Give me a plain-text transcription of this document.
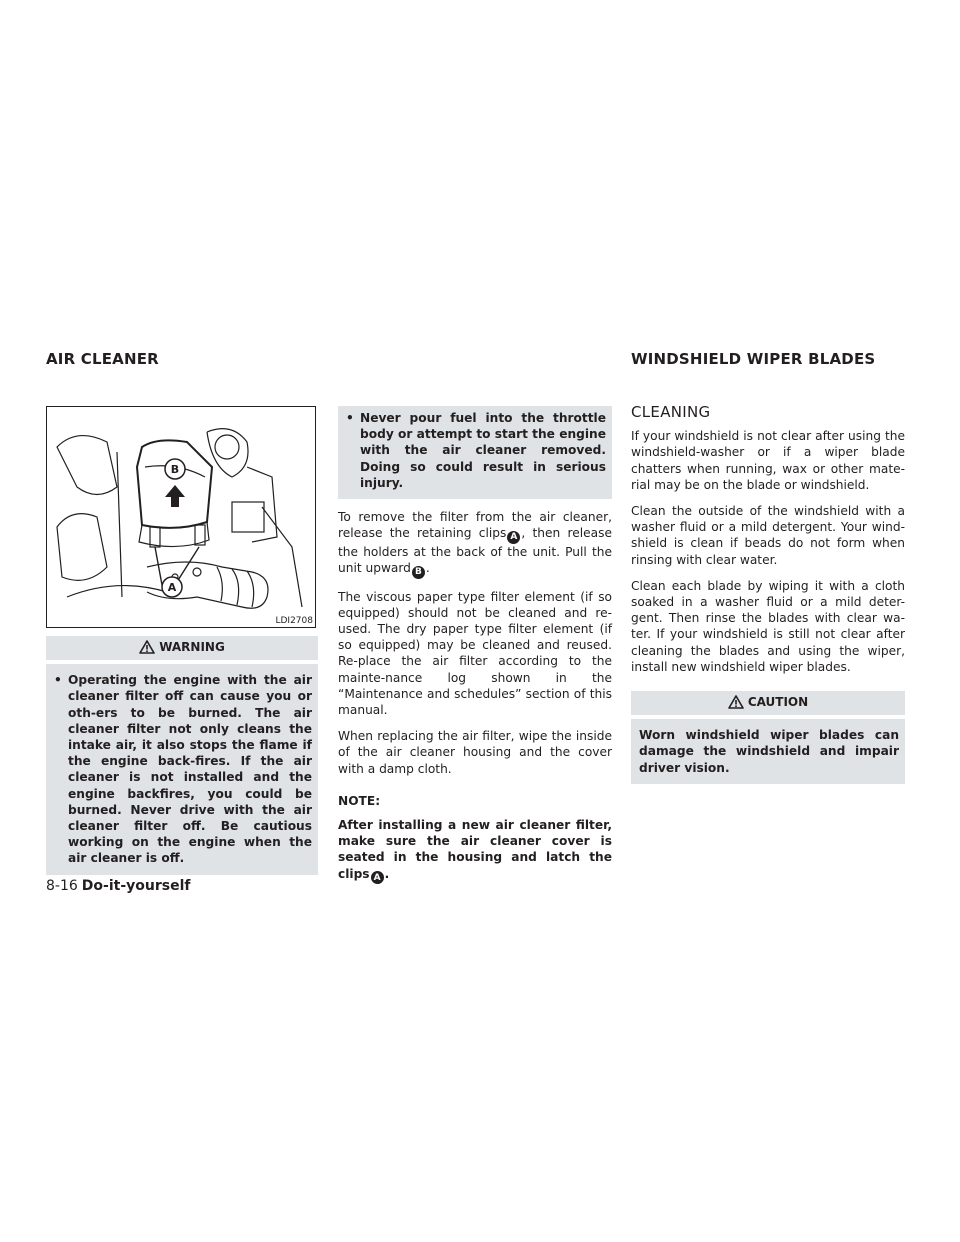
AIR CLEANER	WINDSHIELD WIPER BLADES
B
A
LDI2708
WARNING
• Operating the engine with the air cleaner filter off can cause you or oth-ers to be burned. The air cleaner filter not only cleans the intake air, it also stops the flame if the engine back-fires. If the air cleaner is not installed and the engine backfires, you could be burned. Never drive with the air cleaner filter off. Be cautious working on the engine when the air cleaner is off.
• Never pour fuel into the throttle body or attempt to start the engine with the air cleaner removed. Doing so could result in serious injury.

To remove the filter from the air cleaner, release the retaining clips A , then release the holders at the back of the unit. Pull the unit upward B .

The viscous paper type filter element (if so equipped) should not be cleaned and re-used. The dry paper type filter element (if so equipped) may be cleaned and reused. Re-place the air filter according to the mainte-nance log shown in the “Maintenance and schedules” section of this manual.

When replacing the air filter, wipe the inside of the air cleaner housing and the cover with a damp cloth.

NOTE:
After installing a new air cleaner filter, make sure the air cleaner cover is seated in the housing and latch the clips A .
CLEANING

If your windshield is not clear after using the windshield-washer or if a wiper blade chatters when running, wax or other mate-rial may be on the blade or windshield.

Clean the outside of the windshield with a washer fluid or a mild detergent. Your wind-shield is clean if beads do not form when rinsing with clear water.

Clean each blade by wiping it with a cloth soaked in a washer fluid or a mild deter-gent. Then rinse the blades with clear wa-ter. If your windshield is still not clear after cleaning the blades and using the wiper, install new windshield wiper blades.

CAUTION
Worn windshield wiper blades can damage the windshield and impair driver vision.
8-16 Do-it-yourself
